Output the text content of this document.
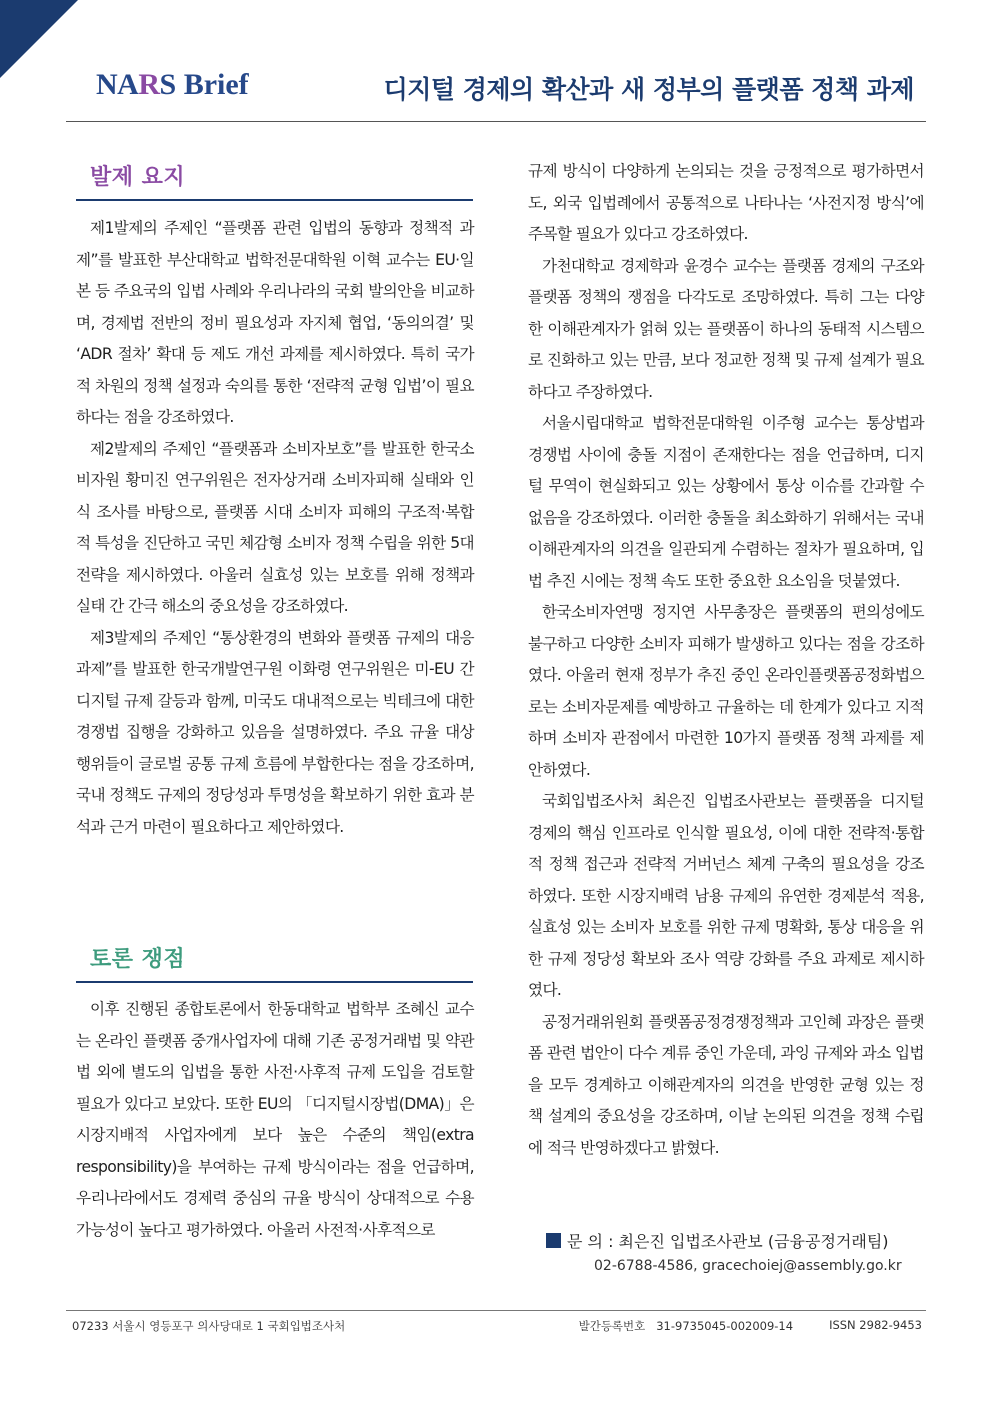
NARS Brief	디지털 경제의 확산과 새 정부의 플랫폼 정책 과제
발제 요지

제1발제의 주제인 “플랫폼 관련 입법의 동향과 정책적 과제”를 발표한 부산대학교 법학전문대학원 이혁 교수는 EU·일본 등 주요국의 입법 사례와 우리나라의 국회 발의안을 비교하며, 경제법 전반의 정비 필요성과 자지체 협업, ‘동의의결’ 및 ‘ADR 절차’ 확대 등 제도 개선 과제를 제시하였다. 특히 국가적 차원의 정책 설정과 숙의를 통한 ‘전략적 균형 입법’이 필요하다는 점을 강조하였다.

제2발제의 주제인 “플랫폼과 소비자보호”를 발표한 한국소비자원 황미진 연구위원은 전자상거래 소비자피해 실태와 인식 조사를 바탕으로, 플랫폼 시대 소비자 피해의 구조적·복합적 특성을 진단하고 국민 체감형 소비자 정책 수립을 위한 5대 전략을 제시하였다. 아울러 실효성 있는 보호를 위해 정책과 실태 간 간극 해소의 중요성을 강조하였다.

제3발제의 주제인 “통상환경의 변화와 플랫폼 규제의 대응과제”를 발표한 한국개발연구원 이화령 연구위원은 미-EU 간 디지털 규제 갈등과 함께, 미국도 대내적으로는 빅테크에 대한 경쟁법 집행을 강화하고 있음을 설명하였다. 주요 규율 대상 행위들이 글로벌 공통 규제 흐름에 부합한다는 점을 강조하며, 국내 정책도 규제의 정당성과 투명성을 확보하기 위한 효과 분석과 근거 마련이 필요하다고 제안하였다.

토론 쟁점

이후 진행된 종합토론에서 한동대학교 법학부 조혜신 교수는 온라인 플랫폼 중개사업자에 대해 기존 공정거래법 및 약관법 외에 별도의 입법을 통한 사전·사후적 규제 도입을 검토할 필요가 있다고 보았다. 또한 EU의 「디지털시장법(DMA)」은 시장지배적 사업자에게 보다 높은 수준의 책임(extra responsibility)을 부여하는 규제 방식이라는 점을 언급하며, 우리나라에서도 경제력 중심의 규율 방식이 상대적으로 수용 가능성이 높다고 평가하였다. 아울러 사전적·사후적으로

규제 방식이 다양하게 논의되는 것을 긍정적으로 평가하면서도, 외국 입법례에서 공통적으로 나타나는 ‘사전지정 방식’에 주목할 필요가 있다고 강조하였다.

가천대학교 경제학과 윤경수 교수는 플랫폼 경제의 구조와 플랫폼 정책의 쟁점을 다각도로 조망하였다. 특히 그는 다양한 이해관계자가 얽혀 있는 플랫폼이 하나의 동태적 시스템으로 진화하고 있는 만큼, 보다 정교한 정책 및 규제 설계가 필요하다고 주장하였다.

서울시립대학교 법학전문대학원 이주형 교수는 통상법과 경쟁법 사이에 충돌 지점이 존재한다는 점을 언급하며, 디지털 무역이 현실화되고 있는 상황에서 통상 이슈를 간과할 수 없음을 강조하였다. 이러한 충돌을 최소화하기 위해서는 국내 이해관계자의 의견을 일관되게 수렴하는 절차가 필요하며, 입법 추진 시에는 정책 속도 또한 중요한 요소임을 덧붙였다.

한국소비자연맹 정지연 사무총장은 플랫폼의 편의성에도 불구하고 다양한 소비자 피해가 발생하고 있다는 점을 강조하였다. 아울러 현재 정부가 추진 중인 온라인플랫폼공정화법으로는 소비자문제를 예방하고 규율하는 데 한계가 있다고 지적하며 소비자 관점에서 마련한 10가지 플랫폼 정책 과제를 제안하였다.

국회입법조사처 최은진 입법조사관보는 플랫폼을 디지털 경제의 핵심 인프라로 인식할 필요성, 이에 대한 전략적·통합적 정책 접근과 전략적 거버넌스 체계 구축의 필요성을 강조하였다. 또한 시장지배력 남용 규제의 유연한 경제분석 적용, 실효성 있는 소비자 보호를 위한 규제 명확화, 통상 대응을 위한 규제 정당성 확보와 조사 역량 강화를 주요 과제로 제시하였다.

공정거래위원회 플랫폼공정경쟁정책과 고인혜 과장은 플랫폼 관련 법안이 다수 계류 중인 가운데, 과잉 규제와 과소 입법을 모두 경계하고 이해관계자의 의견을 반영한 균형 있는 정책 설계의 중요성을 강조하며, 이날 논의된 의견을 정책 수립에 적극 반영하겠다고 밝혔다.

문 의 : 최은진 입법조사관보 (금융공정거래팀)
02-6788-4586, gracechoiej@assembly.go.kr
07233 서울시 영등포구 의사당대로 1 국회입법조사처	발간등록번호   31-9735045-002009-14	ISSN 2982-9453
